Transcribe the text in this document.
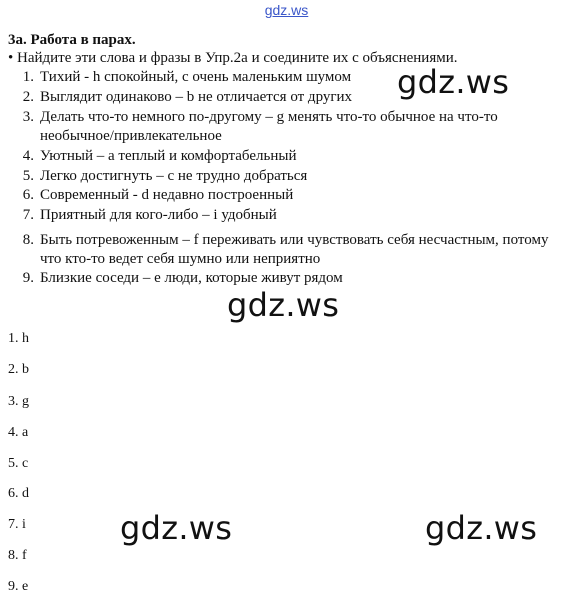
gdz.ws
3a. Работа в парах.
• Найдите эти слова и фразы в Упр.2а и соедините их с объяснениями.
1. Тихий - h спокойный, с очень маленьким шумом
2. Выглядит одинаково – b не отличается от других
3. Делать что-то немного по-другому – g менять что-то обычное на что-то необычное/привлекательное
4. Уютный – a теплый и комфортабельный
5. Легко достигнуть – c не трудно добраться
6. Современный - d недавно построенный
7. Приятный для кого-либо – i удобный
8. Быть потревоженным – f переживать или чувствовать себя несчастным, потому что кто-то ведет себя шумно или неприятно
9. Близкие соседи – e люди, которые живут рядом
1. h
2. b
3. g
4. a
5. c
6. d
7. i
8. f
9. e
gdz.ws
gdz.ws
gdz.ws	gdz.ws
